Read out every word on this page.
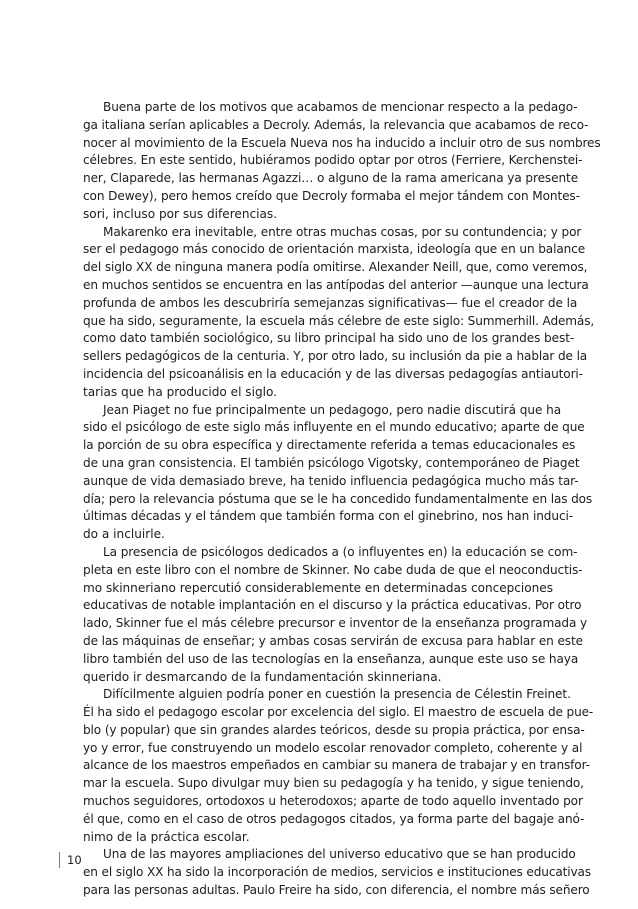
Buena parte de los motivos que acabamos de mencionar respecto a la pedago-
ga italiana serían aplicables a Decroly. Además, la relevancia que acabamos de reco-
nocer al movimiento de la Escuela Nueva nos ha inducido a incluir otro de sus nombres
célebres. En este sentido, hubiéramos podido optar por otros (Ferriere, Kerchenstei-
ner, Claparede, las hermanas Agazzi… o alguno de la rama americana ya presente
con Dewey), pero hemos creído que Decroly formaba el mejor tándem con Montes-
sori, incluso por sus diferencias.
Makarenko era inevitable, entre otras muchas cosas, por su contundencia; y por
ser el pedagogo más conocido de orientación marxista, ideología que en un balance
del siglo XX de ninguna manera podía omitirse. Alexander Neill, que, como veremos,
en muchos sentidos se encuentra en las antípodas del anterior —aunque una lectura
profunda de ambos les descubriría semejanzas significativas— fue el creador de la
que ha sido, seguramente, la escuela más célebre de este siglo: Summerhill. Además,
como dato también sociológico, su libro principal ha sido uno de los grandes best-
sellers pedagógicos de la centuria. Y, por otro lado, su inclusión da pie a hablar de la
incidencia del psicoanálisis en la educación y de las diversas pedagogías antiautori-
tarias que ha producido el siglo.
Jean Piaget no fue principalmente un pedagogo, pero nadie discutirá que ha
sido el psicólogo de este siglo más influyente en el mundo educativo; aparte de que
la porción de su obra específica y directamente referida a temas educacionales es
de una gran consistencia. El también psicólogo Vigotsky, contemporáneo de Piaget
aunque de vida demasiado breve, ha tenido influencia pedagógica mucho más tar-
día; pero la relevancia póstuma que se le ha concedido fundamentalmente en las dos
últimas décadas y el tándem que también forma con el ginebrino, nos han induci-
do a incluirle.
La presencia de psicólogos dedicados a (o influyentes en) la educación se com-
pleta en este libro con el nombre de Skinner. No cabe duda de que el neoconductis-
mo skinneriano repercutió considerablemente en determinadas concepciones
educativas de notable implantación en el discurso y la práctica educativas. Por otro
lado, Skinner fue el más célebre precursor e inventor de la enseñanza programada y
de las máquinas de enseñar; y ambas cosas servirán de excusa para hablar en este
libro también del uso de las tecnologías en la enseñanza, aunque este uso se haya
querido ir desmarcando de la fundamentación skinneriana.
Difícilmente alguien podría poner en cuestión la presencia de Célestin Freinet.
Él ha sido el pedagogo escolar por excelencia del siglo. El maestro de escuela de pue-
blo (y popular) que sin grandes alardes teóricos, desde su propia práctica, por ensa-
yo y error, fue construyendo un modelo escolar renovador completo, coherente y al
alcance de los maestros empeñados en cambiar su manera de trabajar y en transfor-
mar la escuela. Supo divulgar muy bien su pedagogía y ha tenido, y sigue teniendo,
muchos seguidores, ortodoxos u heterodoxos; aparte de todo aquello inventado por
él que, como en el caso de otros pedagogos citados, ya forma parte del bagaje anó-
nimo de la práctica escolar.
Una de las mayores ampliaciones del universo educativo que se han producido
en el siglo XX ha sido la incorporación de medios, servicios e instituciones educativas
para las personas adultas. Paulo Freire ha sido, con diferencia, el nombre más señero
10
